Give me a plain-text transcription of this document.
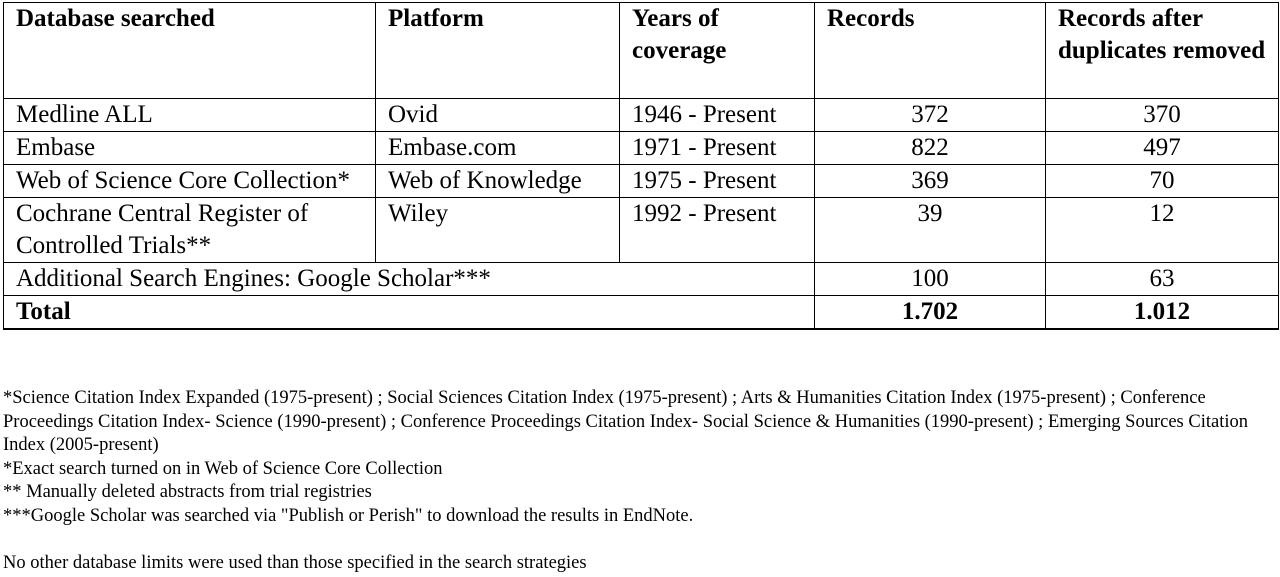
Database searched	Platform	Years of coverage	Records	Records after duplicates removed
Medline ALL	Ovid	1946 - Present	372	370
Embase	Embase.com	1971 - Present	822	497
Web of Science Core Collection*	Web of Knowledge	1975 - Present	369	70
Cochrane Central Register of Controlled Trials**	Wiley	1992 - Present	39	12
Additional Search Engines: Google Scholar***			100	63
Total			1.702	1.012

*Science Citation Index Expanded (1975-present) ; Social Sciences Citation Index (1975-present) ; Arts & Humanities Citation Index (1975-present) ; Conference Proceedings Citation Index- Science (1990-present) ; Conference Proceedings Citation Index- Social Science & Humanities (1990-present) ; Emerging Sources Citation Index (2005-present)

*Exact search turned on in Web of Science Core Collection

** Manually deleted abstracts from trial registries

***Google Scholar was searched via "Publish or Perish" to download the results in EndNote.

No other database limits were used than those specified in the search strategies
